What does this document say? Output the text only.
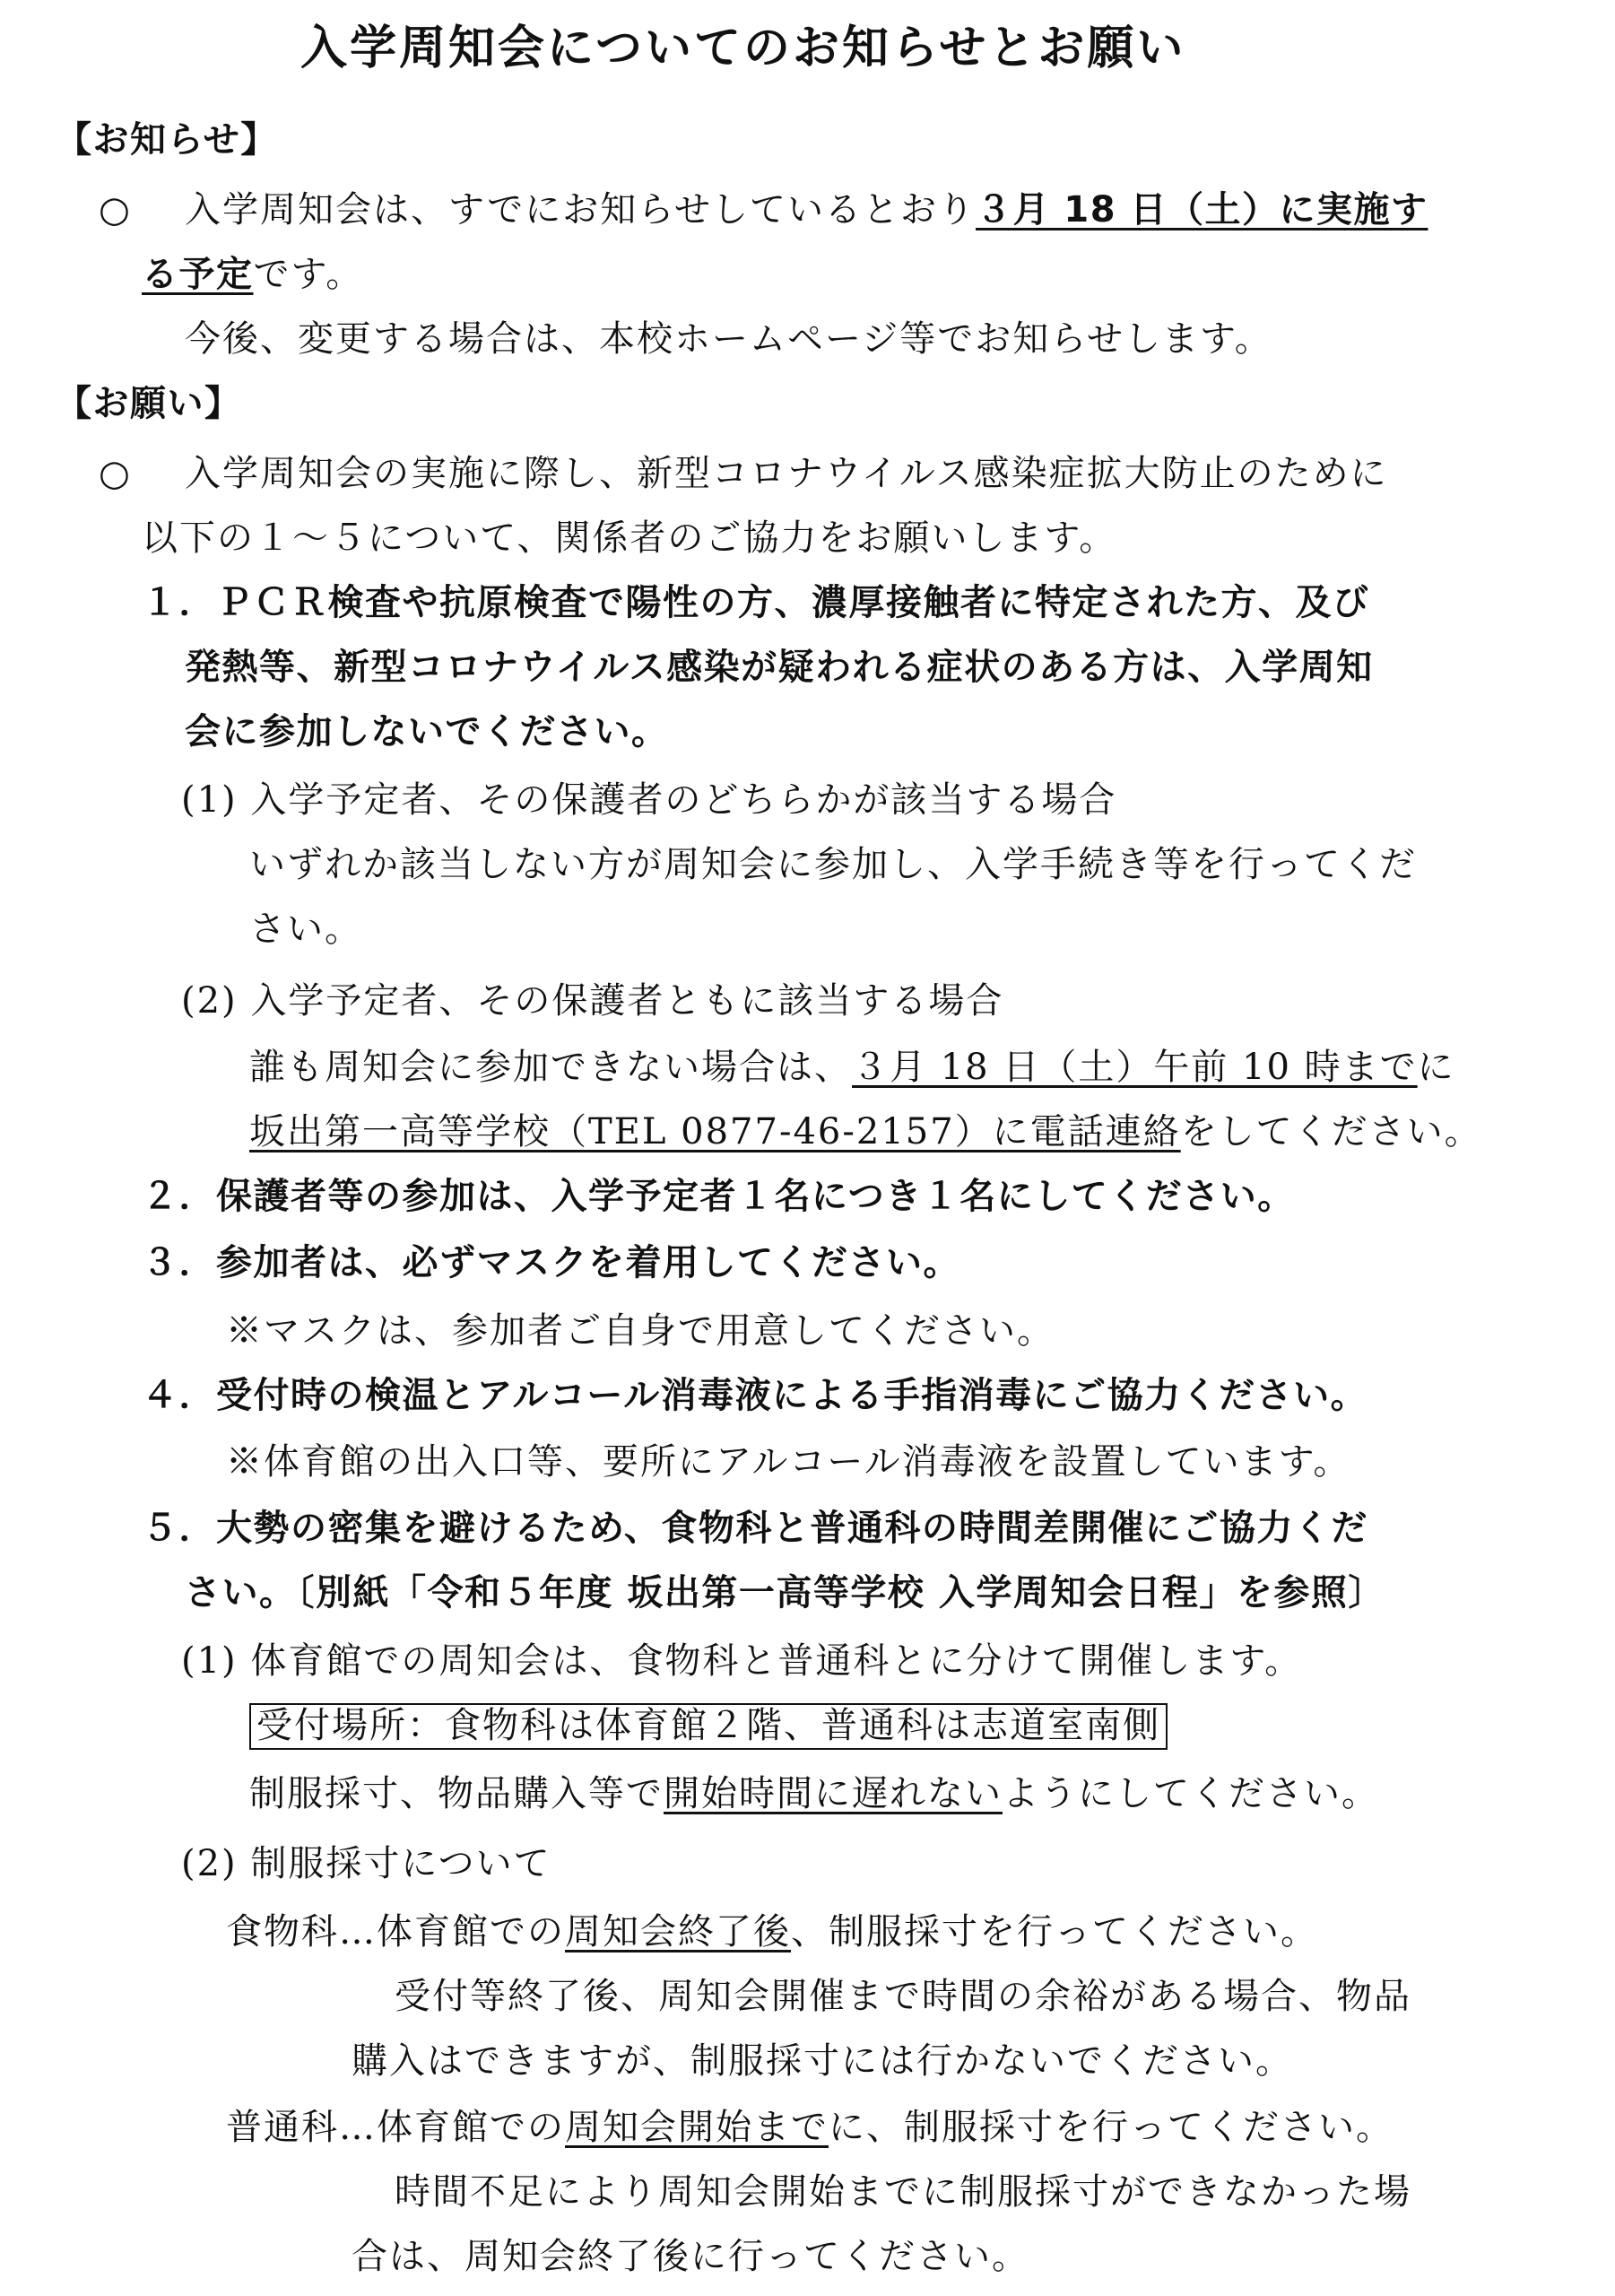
入学周知会についてのお知らせとお願い
【お知らせ】
○ 入学周知会は、すでにお知らせしているとおり３月 18 日（土）に実施す
る予定です。
今後、変更する場合は、本校ホームページ等でお知らせします。
【お願い】
○ 入学周知会の実施に際し、新型コロナウイルス感染症拡大防止のために
以下の１～５について、関係者のご協力をお願いします。
１．ＰＣＲ検査や抗原検査で陽性の方、濃厚接触者に特定された方、及び
発熱等、新型コロナウイルス感染が疑われる症状のある方は、入学周知
会に参加しないでください。
(1) 入学予定者、その保護者のどちらかが該当する場合
いずれか該当しない方が周知会に参加し、入学手続き等を行ってくだ
さい。
(2) 入学予定者、その保護者ともに該当する場合
誰も周知会に参加できない場合は、３月 18 日（土）午前 10 時までに
坂出第一高等学校（TEL 0877-46-2157）に電話連絡をしてください。
２．保護者等の参加は、入学予定者１名につき１名にしてください。
３．参加者は、必ずマスクを着用してください。
※マスクは、参加者ご自身で用意してください。
４．受付時の検温とアルコール消毒液による手指消毒にご協力ください。
※体育館の出入口等、要所にアルコール消毒液を設置しています。
５．大勢の密集を避けるため、食物科と普通科の時間差開催にご協力くだ
さい。〔別紙「令和５年度 坂出第一高等学校 入学周知会日程」を参照〕
(1) 体育館での周知会は、食物科と普通科とに分けて開催します。
受付場所：食物科は体育館２階、普通科は志道室南側
制服採寸、物品購入等で開始時間に遅れないようにしてください。
(2) 制服採寸について
食物科…体育館での周知会終了後、制服採寸を行ってください。
受付等終了後、周知会開催まで時間の余裕がある場合、物品
購入はできますが、制服採寸には行かないでください。
普通科…体育館での周知会開始までに、制服採寸を行ってください。
時間不足により周知会開始までに制服採寸ができなかった場
合は、周知会終了後に行ってください。
